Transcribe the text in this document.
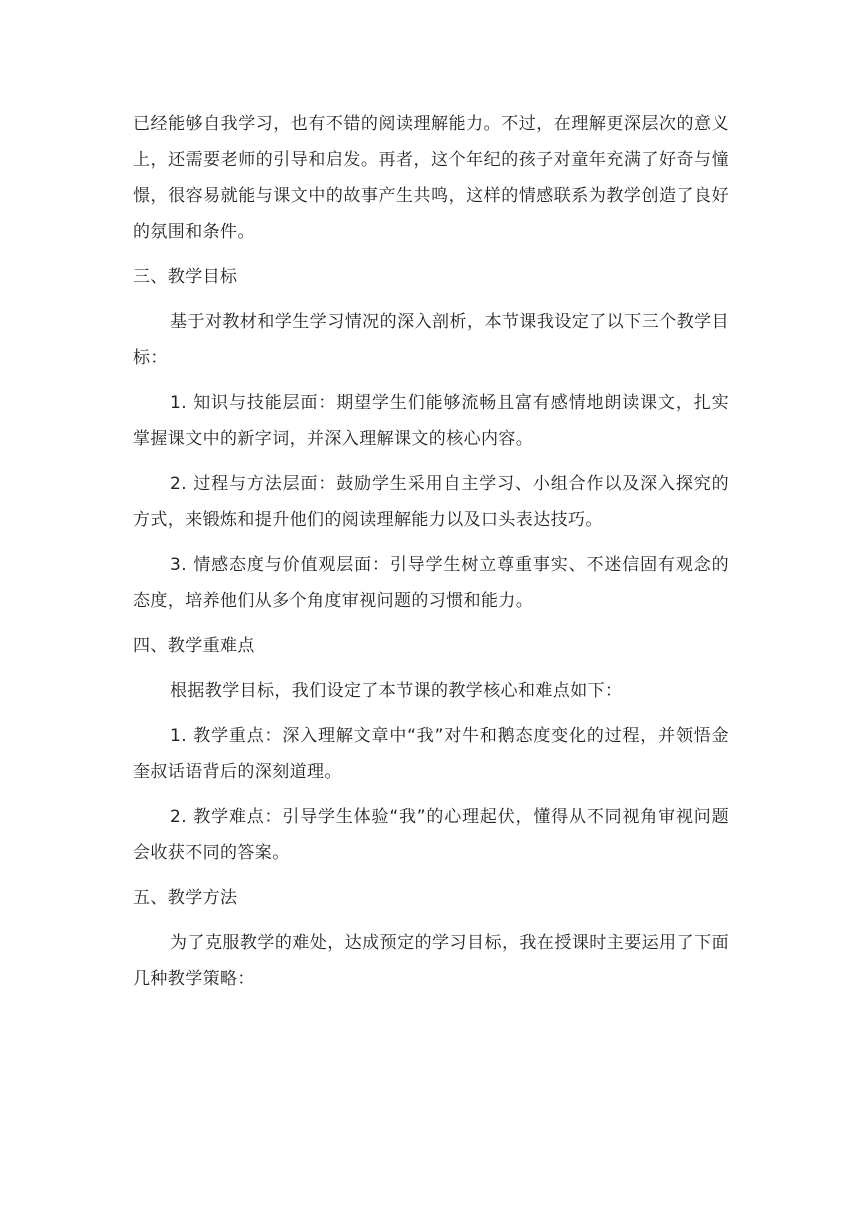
已经能够自我学习，也有不错的阅读理解能力。不过，在理解更深层次的意义上，还需要老师的引导和启发。再者，这个年纪的孩子对童年充满了好奇与憧憬，很容易就能与课文中的故事产生共鸣，这样的情感联系为教学创造了良好的氛围和条件。

三、教学目标

基于对教材和学生学习情况的深入剖析，本节课我设定了以下三个教学目标：

1. 知识与技能层面：期望学生们能够流畅且富有感情地朗读课文，扎实掌握课文中的新字词，并深入理解课文的核心内容。

2. 过程与方法层面：鼓励学生采用自主学习、小组合作以及深入探究的方式，来锻炼和提升他们的阅读理解能力以及口头表达技巧。

3. 情感态度与价值观层面：引导学生树立尊重事实、不迷信固有观念的态度，培养他们从多个角度审视问题的习惯和能力。

四、教学重难点

根据教学目标，我们设定了本节课的教学核心和难点如下：

1. 教学重点：深入理解文章中“我”对牛和鹅态度变化的过程，并领悟金奎叔话语背后的深刻道理。

2. 教学难点：引导学生体验“我”的心理起伏，懂得从不同视角审视问题会收获不同的答案。

五、教学方法

为了克服教学的难处，达成预定的学习目标，我在授课时主要运用了下面几种教学策略：
